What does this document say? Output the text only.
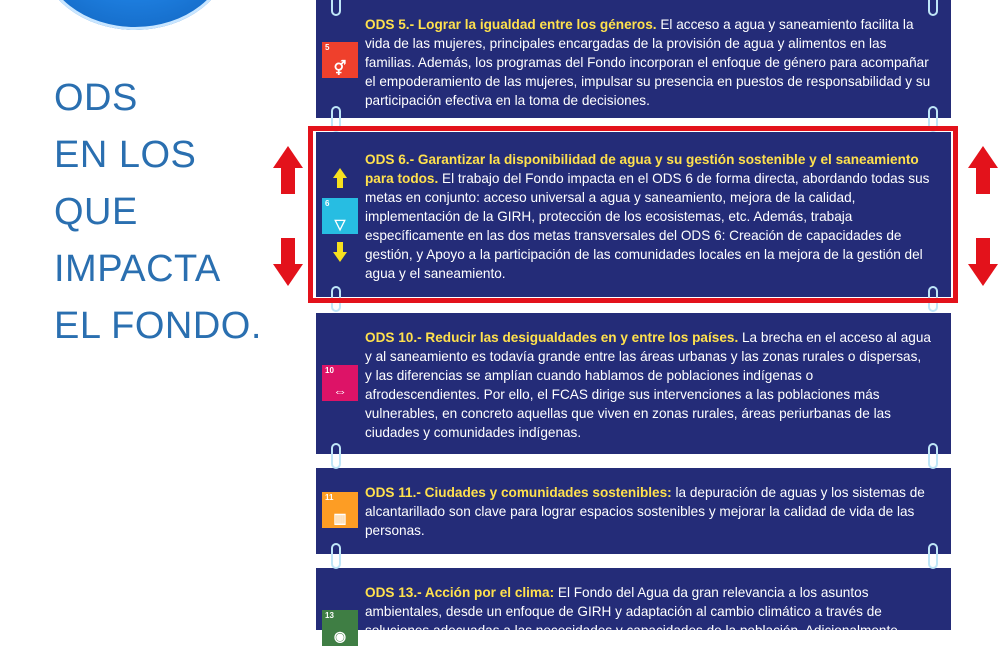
ODS
EN LOS
QUE
IMPACTA
EL FONDO.
5
⚥
ODS 5.- Lograr la igualdad entre los géneros. El acceso a agua y saneamiento facilita la vida de las mujeres, principales encargadas de la provisión de agua y alimentos en las familias. Además, los programas del Fondo incorporan el enfoque de género para acompañar el empoderamiento de las mujeres, impulsar su presencia en puestos de responsabilidad y su participación efectiva en la toma de decisiones.
6
▽
ODS 6.- Garantizar la disponibilidad de agua y su gestión sostenible y el saneamiento para todos. El trabajo del Fondo impacta en el ODS 6 de forma directa, abordando todas sus metas en conjunto: acceso universal a agua y saneamiento, mejora de la calidad, implementación de la GIRH, protección de los ecosistemas, etc. Además, trabaja específicamente en las dos metas transversales del ODS 6: Creación de capacidades de gestión, y Apoyo a la participación de las comunidades locales en la mejora de la gestión del agua y el saneamiento.
10
⇔
ODS 10.- Reducir las desigualdades en y entre los países. La brecha en el acceso al agua y al saneamiento es todavía grande entre las áreas urbanas y las zonas rurales o dispersas, y las diferencias se amplían cuando hablamos de poblaciones indígenas o afrodescendientes. Por ello, el FCAS dirige sus intervenciones a las poblaciones más vulnerables, en concreto aquellas que viven en zonas rurales, áreas periurbanas de las ciudades y comunidades indígenas.
11
▥
ODS 11.- Ciudades y comunidades sostenibles: la depuración de aguas y los sistemas de alcantarillado son clave para lograr espacios sostenibles y mejorar la calidad de vida de las personas.
13
◉
ODS 13.- Acción por el clima: El Fondo del Agua da gran relevancia a los asuntos ambientales, desde un enfoque de GIRH y adaptación al cambio climático a través de soluciones adecuadas a las necesidades y capacidades de la población. Adicionalmente
